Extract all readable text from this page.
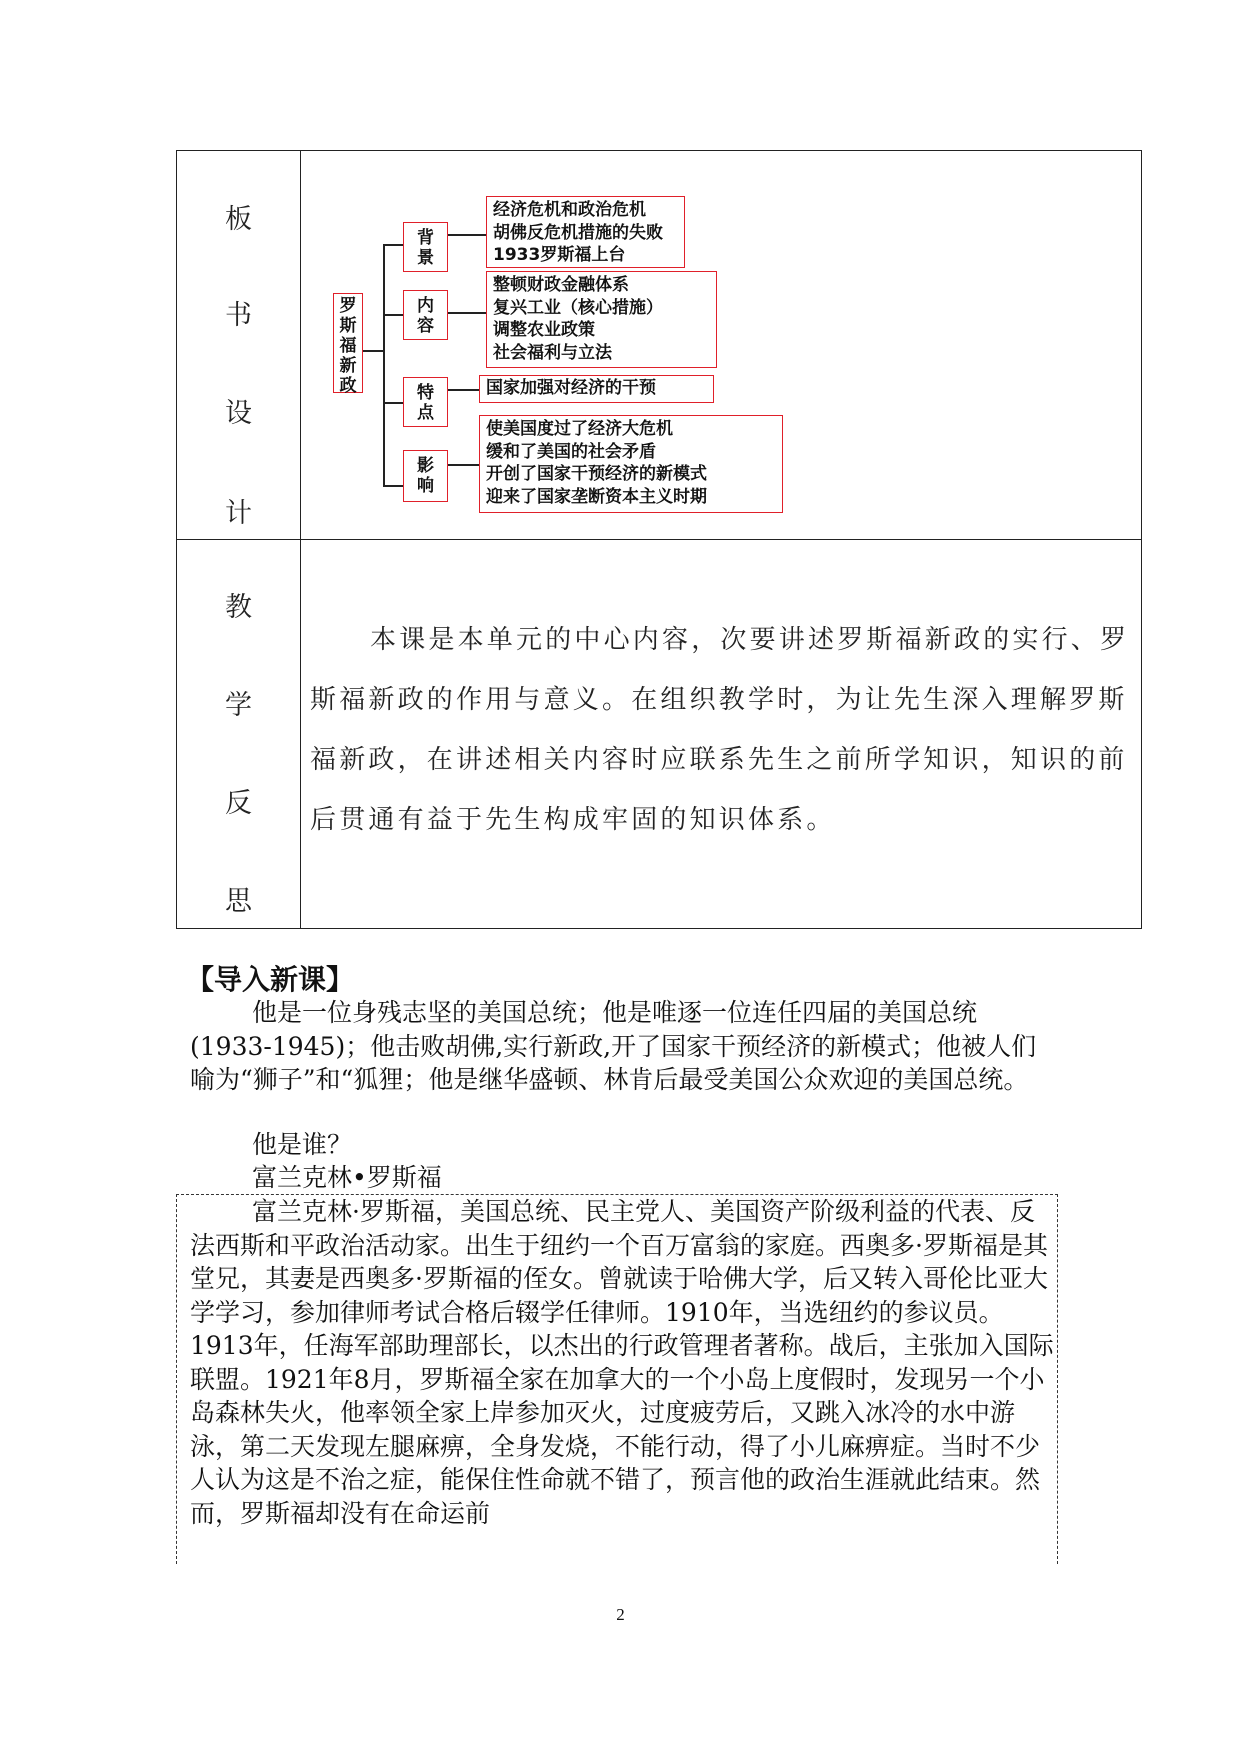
板
书
设
计
教
学
反
思
罗
斯
福
新
政
背
景
内
容
特
点
影
响
经济危机和政治危机
胡佛反危机措施的失败
1933罗斯福上台
整顿财政金融体系
复兴工业（核心措施）
调整农业政策
社会福利与立法
国家加强对经济的干预
使美国度过了经济大危机
缓和了美国的社会矛盾
开创了国家干预经济的新模式
迎来了国家垄断资本主义时期
本课是本单元的中心内容，次要讲述罗斯福新政的实行、罗斯福新政的作用与意义。在组织教学时，为让先生深入理解罗斯福新政，在讲述相关内容时应联系先生之前所学知识，知识的前后贯通有益于先生构成牢固的知识体系。
【导入新课】
他是一位身残志坚的美国总统；他是唯逐一位连任四届的美国总统(1933-1945)；他击败胡佛,实行新政,开了国家干预经济的新模式；他被人们喻为“狮子”和“狐狸；他是继华盛顿、林肯后最受美国公众欢迎的美国总统。
他是谁？
富兰克林•罗斯福
富兰克林·罗斯福，美国总统、民主党人、美国资产阶级利益的代表、反法西斯和平政治活动家。出生于纽约一个百万富翁的家庭。西奥多·罗斯福是其堂兄，其妻是西奥多·罗斯福的侄女。曾就读于哈佛大学，后又转入哥伦比亚大学学习，参加律师考试合格后辍学任律师。1910年，当选纽约的参议员。1913年，任海军部助理部长，以杰出的行政管理者著称。战后，主张加入国际联盟。1921年8月，罗斯福全家在加拿大的一个小岛上度假时，发现另一个小岛森林失火，他率领全家上岸参加灭火，过度疲劳后，又跳入冰冷的水中游泳，第二天发现左腿麻痹，全身发烧，不能行动，得了小儿麻痹症。当时不少人认为这是不治之症，能保住性命就不错了，预言他的政治生涯就此结束。然而，罗斯福却没有在命运前
2
